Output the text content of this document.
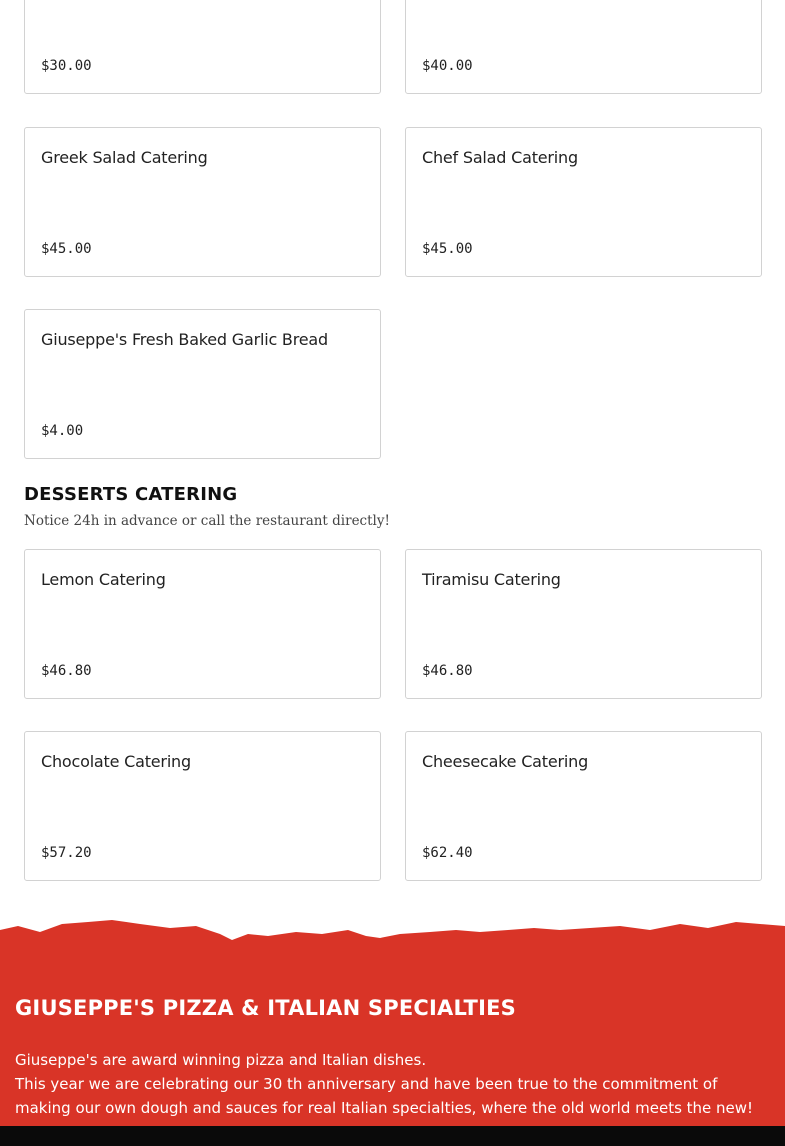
$30.00	$40.00
Greek Salad Catering
$45.00
Chef Salad Catering
$45.00
Giuseppe's Fresh Baked Garlic Bread
$4.00
DESSERTS CATERING

Notice 24h in advance or call the restaurant directly!

Lemon Catering
$46.80
Tiramisu Catering
$46.80
Chocolate Catering
$57.20
Cheesecake Catering
$62.40
GIUSEPPE'S PIZZA & ITALIAN SPECIALTIES
Giuseppe's are award winning pizza and Italian dishes.
This year we are celebrating our 30 th anniversary and have been true to the commitment of making our own dough and sauces for real Italian specialties, where the old world meets the new!
